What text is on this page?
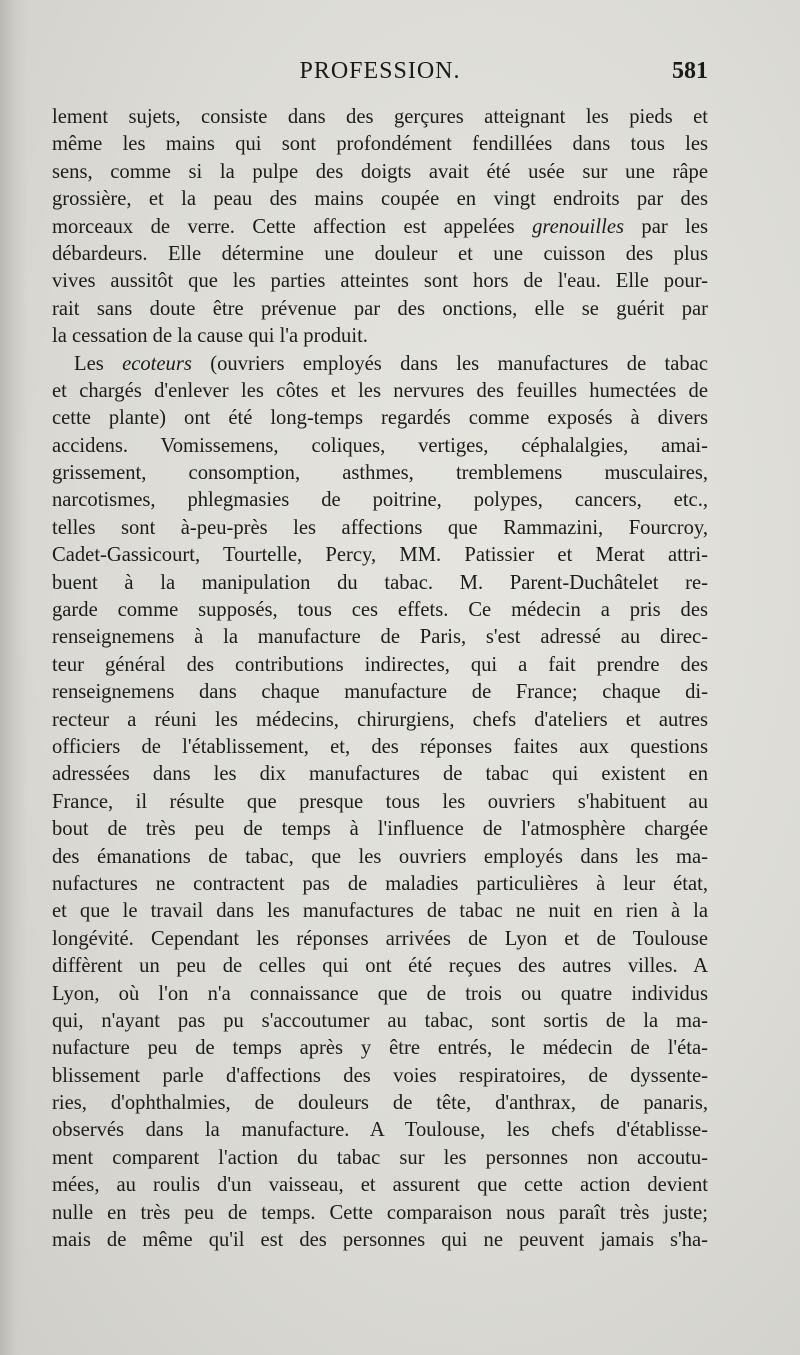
PROFESSION.	581
lement sujets, consiste dans des gerçures atteignant les pieds et
même les mains qui sont profondément fendillées dans tous les
sens, comme si la pulpe des doigts avait été usée sur une râpe
grossière, et la peau des mains coupée en vingt endroits par des
morceaux de verre. Cette affection est appelées grenouilles par les
débardeurs. Elle détermine une douleur et une cuisson des plus
vives aussitôt que les parties atteintes sont hors de l'eau. Elle pour-
rait sans doute être prévenue par des onctions, elle se guérit par
la cessation de la cause qui l'a produit.
Les ecoteurs (ouvriers employés dans les manufactures de tabac
et chargés d'enlever les côtes et les nervures des feuilles humectées de
cette plante) ont été long-temps regardés comme exposés à divers
accidens. Vomissemens, coliques, vertiges, céphalalgies, amai-
grissement, consomption, asthmes, tremblemens musculaires,
narcotismes, phlegmasies de poitrine, polypes, cancers, etc.,
telles sont à-peu-près les affections que Rammazini, Fourcroy,
Cadet-Gassicourt, Tourtelle, Percy, MM. Patissier et Merat attri-
buent à la manipulation du tabac. M. Parent-Duchâtelet re-
garde comme supposés, tous ces effets. Ce médecin a pris des
renseignemens à la manufacture de Paris, s'est adressé au direc-
teur général des contributions indirectes, qui a fait prendre des
renseignemens dans chaque manufacture de France; chaque di-
recteur a réuni les médecins, chirurgiens, chefs d'ateliers et autres
officiers de l'établissement, et, des réponses faites aux questions
adressées dans les dix manufactures de tabac qui existent en
France, il résulte que presque tous les ouvriers s'habituent au
bout de très peu de temps à l'influence de l'atmosphère chargée
des émanations de tabac, que les ouvriers employés dans les ma-
nufactures ne contractent pas de maladies particulières à leur état,
et que le travail dans les manufactures de tabac ne nuit en rien à la
longévité. Cependant les réponses arrivées de Lyon et de Toulouse
diffèrent un peu de celles qui ont été reçues des autres villes. A
Lyon, où l'on n'a connaissance que de trois ou quatre individus
qui, n'ayant pas pu s'accoutumer au tabac, sont sortis de la ma-
nufacture peu de temps après y être entrés, le médecin de l'éta-
blissement parle d'affections des voies respiratoires, de dyssente-
ries, d'ophthalmies, de douleurs de tête, d'anthrax, de panaris,
observés dans la manufacture. A Toulouse, les chefs d'établisse-
ment comparent l'action du tabac sur les personnes non accoutu-
mées, au roulis d'un vaisseau, et assurent que cette action devient
nulle en très peu de temps. Cette comparaison nous paraît très juste;
mais de même qu'il est des personnes qui ne peuvent jamais s'ha-
